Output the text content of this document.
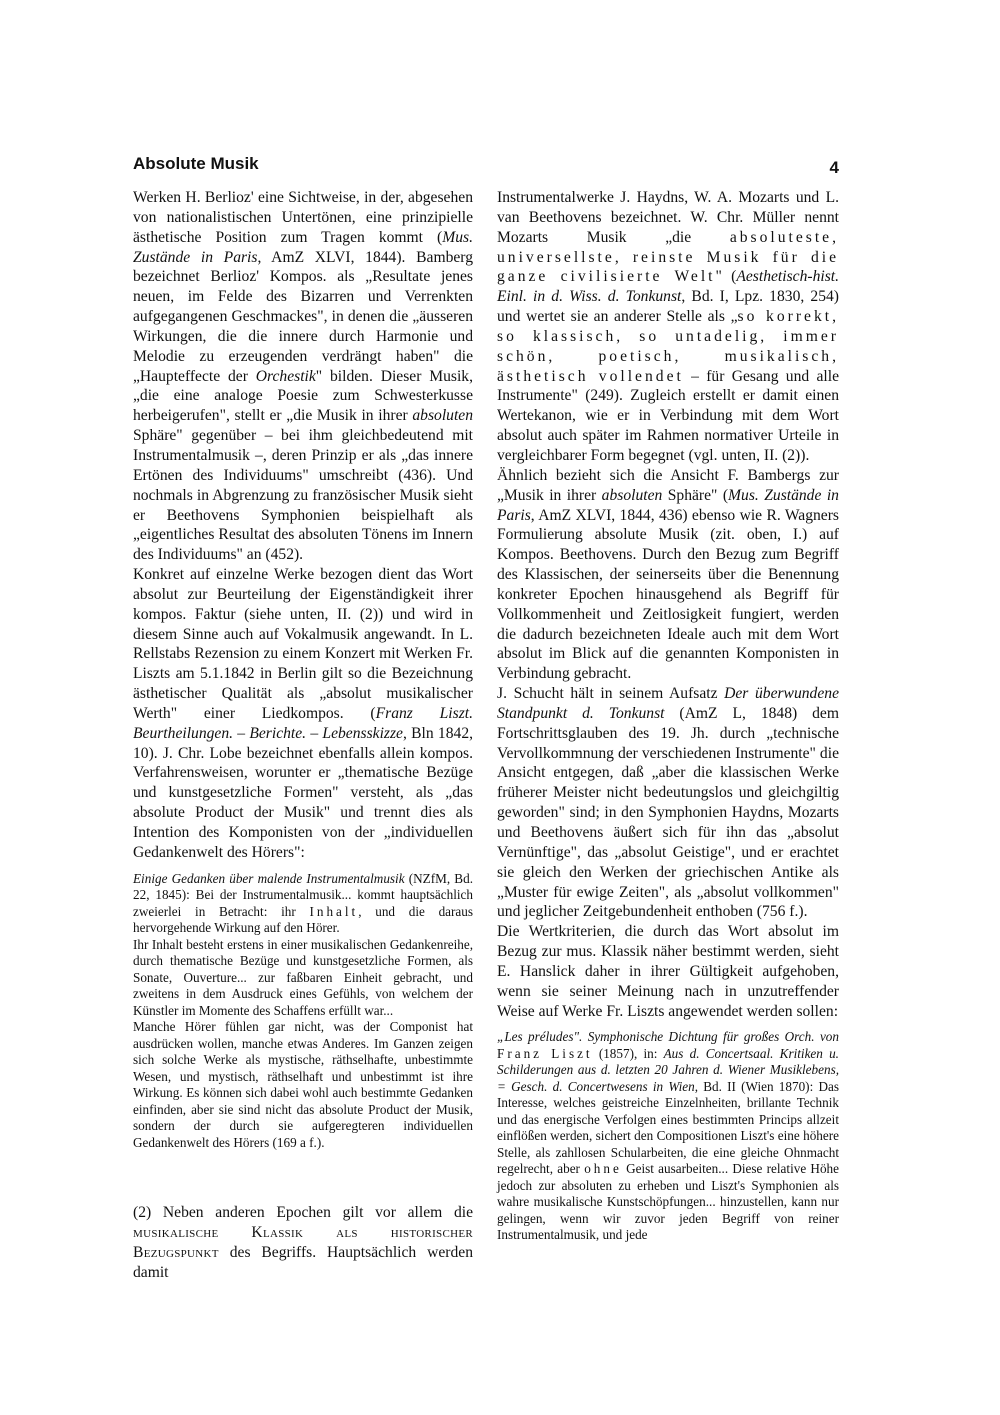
Absolute Musik	4

Werken H. Berlioz' eine Sichtweise, in der, abgesehen von nationalistischen Untertönen, eine prinzipielle ästhetische Position zum Tragen kommt (Mus. Zustände in Paris, AmZ XLVI, 1844). Bamberg bezeichnet Berlioz' Kompos. als „Resultate jenes neuen, im Felde des Bizarren und Verrenkten aufgegangenen Geschmackes", in denen die „äusseren Wirkungen, die die innere durch Harmonie und Melodie zu erzeugenden verdrängt haben" die „Haupteffecte der Orchestik" bilden. Dieser Musik, „die eine analoge Poesie zum Schwesterkusse herbeigerufen", stellt er „die Musik in ihrer absoluten Sphäre" gegenüber – bei ihm gleichbedeutend mit Instrumentalmusik –, deren Prinzip er als „das innere Ertönen des Individuums" umschreibt (436). Und nochmals in Abgrenzung zu französischer Musik sieht er Beethovens Symphonien beispielhaft als „eigentliches Resultat des absoluten Tönens im Innern des Individuums" an (452).

Konkret auf einzelne Werke bezogen dient das Wort absolut zur Beurteilung der Eigenständigkeit ihrer kompos. Faktur (siehe unten, II. (2)) und wird in diesem Sinne auch auf Vokalmusik angewandt. In L. Rellstabs Rezension zu einem Konzert mit Werken Fr. Liszts am 5.1.1842 in Berlin gilt so die Bezeichnung ästhetischer Qualität als „absolut musikalischer Werth" einer Liedkompos. (Franz Liszt. Beurtheilungen. – Berichte. – Lebensskizze, Bln 1842, 10). J. Chr. Lobe bezeichnet ebenfalls allein kompos. Verfahrensweisen, worunter er „thematische Bezüge und kunstgesetzliche Formen" versteht, als „das absolute Product der Musik" und trennt dies als Intention des Komponisten von der „individuellen Gedankenwelt des Hörers":

Einige Gedanken über malende Instrumentalmusik (NZfM, Bd. 22, 1845): Bei der Instrumentalmusik... kommt hauptsächlich zweierlei in Betracht: ihr Inhalt, und die daraus hervorgehende Wirkung auf den Hörer.

Ihr Inhalt besteht erstens in einer musikalischen Gedankenreihe, durch thematische Bezüge und kunstgesetzliche Formen, als Sonate, Ouverture... zur faßbaren Einheit gebracht, und zweitens in dem Ausdruck eines Gefühls, von welchem der Künstler im Momente des Schaffens erfüllt war...

Manche Hörer fühlen gar nicht, was der Componist hat ausdrücken wollen, manche etwas Anderes. Im Ganzen zeigen sich solche Werke als mystische, räthselhafte, unbestimmte Wesen, und mystisch, räthselhaft und unbestimmt ist ihre Wirkung. Es können sich dabei wohl auch bestimmte Gedanken einfinden, aber sie sind nicht das absolute Product der Musik, sondern der durch sie aufgeregteren individuellen Gedankenwelt des Hörers (169 a f.).

(2) Neben anderen Epochen gilt vor allem die musikalische Klassik als historischer Bezugspunkt des Begriffs. Hauptsächlich werden damit

Instrumentalwerke J. Haydns, W. A. Mozarts und L. van Beethovens bezeichnet. W. Chr. Müller nennt Mozarts Musik „die absoluteste, universellste, reinste Musik für die ganze civilisierte Welt" (Aesthetisch-hist. Einl. in d. Wiss. d. Tonkunst, Bd. I, Lpz. 1830, 254) und wertet sie an anderer Stelle als „so korrekt, so klassisch, so untadelig, immer schön, poetisch, musikalisch, ästhetisch vollendet – für Gesang und alle Instrumente" (249). Zugleich erstellt er damit einen Wertekanon, wie er in Verbindung mit dem Wort absolut auch später im Rahmen normativer Urteile in vergleichbarer Form begegnet (vgl. unten, II. (2)).

Ähnlich bezieht sich die Ansicht F. Bambergs zur „Musik in ihrer absoluten Sphäre" (Mus. Zustände in Paris, AmZ XLVI, 1844, 436) ebenso wie R. Wagners Formulierung absolute Musik (zit. oben, I.) auf Kompos. Beethovens. Durch den Bezug zum Begriff des Klassischen, der seinerseits über die Benennung konkreter Epochen hinausgehend als Begriff für Vollkommenheit und Zeitlosigkeit fungiert, werden die dadurch bezeichneten Ideale auch mit dem Wort absolut im Blick auf die genannten Komponisten in Verbindung gebracht.

J. Schucht hält in seinem Aufsatz Der überwundene Standpunkt d. Tonkunst (AmZ L, 1848) dem Fortschrittsglauben des 19. Jh. durch „technische Vervollkommnung der verschiedenen Instrumente" die Ansicht entgegen, daß „aber die klassischen Werke früherer Meister nicht bedeutungslos und gleichgiltig geworden" sind; in den Symphonien Haydns, Mozarts und Beethovens äußert sich für ihn das „absolut Vernünftige", das „absolut Geistige", und er erachtet sie gleich den Werken der griechischen Antike als „Muster für ewige Zeiten", als „absolut vollkommen" und jeglicher Zeitgebundenheit enthoben (756 f.).

Die Wertkriterien, die durch das Wort absolut im Bezug zur mus. Klassik näher bestimmt werden, sieht E. Hanslick daher in ihrer Gültigkeit aufgehoben, wenn sie seiner Meinung nach in unzutreffender Weise auf Werke Fr. Liszts angewendet werden sollen:

„Les préludes". Symphonische Dichtung für großes Orch. von Franz Liszt (1857), in: Aus d. Concertsaal. Kritiken u. Schilderungen aus d. letzten 20 Jahren d. Wiener Musiklebens, = Gesch. d. Concertwesens in Wien, Bd. II (Wien 1870): Das Interesse, welches geistreiche Einzelnheiten, brillante Technik und das energische Verfolgen eines bestimmten Princips allzeit einflößen werden, sichert den Compositionen Liszt's eine höhere Stelle, als zahllosen Schularbeiten, die eine gleiche Ohnmacht regelrecht, aber ohne Geist ausarbeiten... Diese relative Höhe jedoch zur absoluten zu erheben und Liszt's Symphonien als wahre musikalische Kunstschöpfungen... hinzustellen, kann nur gelingen, wenn wir zuvor jeden Begriff von reiner Instrumentalmusik, und jede
